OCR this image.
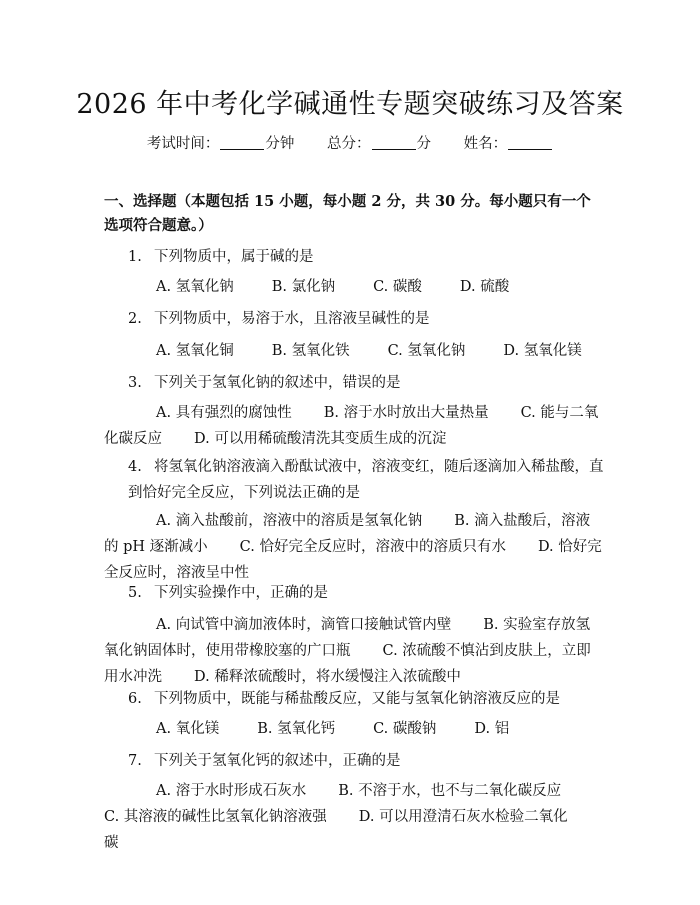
2026 年中考化学碱通性专题突破练习及答案
考试时间：	分钟 总分：	分 姓名：
一、选择题（本题包括 15 小题，每小题 2 分，共 30 分。每小题只有一个选项符合题意。）
1. 下列物质中，属于碱的是
A. 氢氧化钠	B. 氯化钠	C. 碳酸	D. 硫酸
2. 下列物质中，易溶于水，且溶液呈碱性的是
A. 氢氧化铜	B. 氢氧化铁	C. 氢氧化钠	D. 氢氧化镁
3. 下列关于氢氧化钠的叙述中，错误的是
A. 具有强烈的腐蚀性 B. 溶于水时放出大量热量 C. 能与二氧化碳反应 D. 可以用稀硫酸清洗其变质生成的沉淀
4. 将氢氧化钠溶液滴入酚酞试液中，溶液变红，随后逐滴加入稀盐酸，直到恰好完全反应，下列说法正确的是
A. 滴入盐酸前，溶液中的溶质是氢氧化钠 B. 滴入盐酸后，溶液的 pH 逐渐减小 C. 恰好完全反应时，溶液中的溶质只有水 D. 恰好完全反应时，溶液呈中性
5. 下列实验操作中，正确的是
A. 向试管中滴加液体时，滴管口接触试管内壁 B. 实验室存放氢氧化钠固体时，使用带橡胶塞的广口瓶 C. 浓硫酸不慎沾到皮肤上，立即用水冲洗 D. 稀释浓硫酸时，将水缓慢注入浓硫酸中
6. 下列物质中，既能与稀盐酸反应，又能与氢氧化钠溶液反应的是
A. 氧化镁	B. 氢氧化钙	C. 碳酸钠	D. 铝
7. 下列关于氢氧化钙的叙述中，正确的是
A. 溶于水时形成石灰水 B. 不溶于水，也不与二氧化碳反应C. 其溶液的碱性比氢氧化钠溶液强 D. 可以用澄清石灰水检验二氧化碳
